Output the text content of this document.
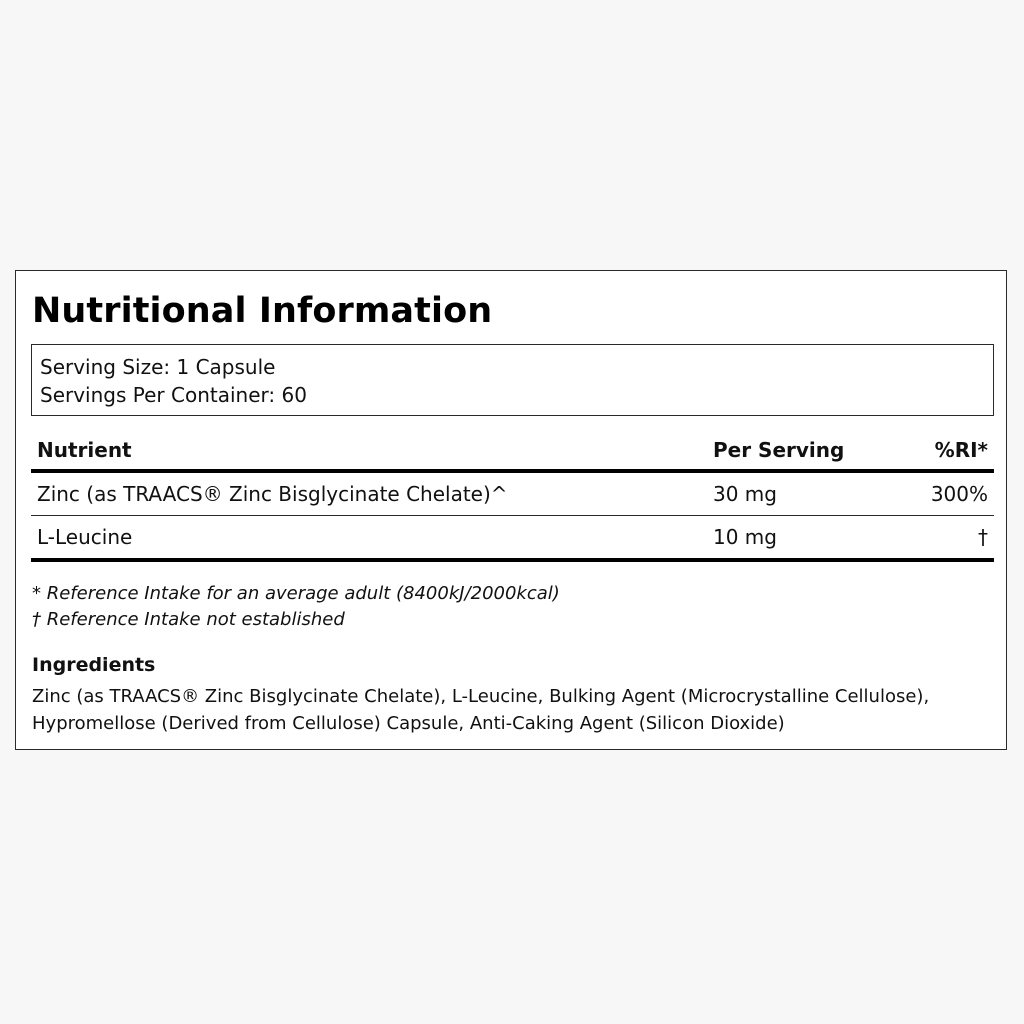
Nutritional Information
Serving Size: 1 Capsule
Servings Per Container: 60
Nutrient	Per Serving	%RI*
Zinc (as TRAACS® Zinc Bisglycinate Chelate)^	30 mg	300%
L-Leucine	10 mg	†
* Reference Intake for an average adult (8400kJ/2000kcal)
† Reference Intake not established
Ingredients

Zinc (as TRAACS® Zinc Bisglycinate Chelate), L-Leucine, Bulking Agent (Microcrystalline Cellulose), Hypromellose (Derived from Cellulose) Capsule, Anti-Caking Agent (Silicon Dioxide)
